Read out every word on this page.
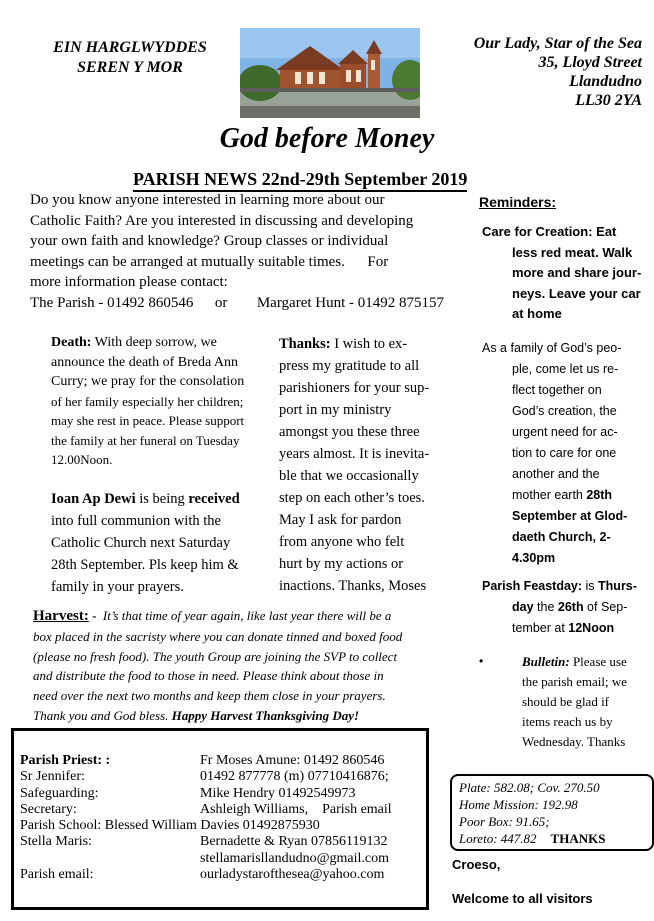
EIN HARGLWYDDES
SEREN Y MOR
Our Lady, Star of the Sea
35, Lloyd Street
Llandudno
LL30 2YA
God before Money
PARISH NEWS 22nd-29th September 2019
Do you know anyone interested in learning more about our
Catholic Faith? Are you interested in discussing and developing
your own faith and knowledge? Group classes or individual
meetings can be arranged at mutually suitable times.      For
more information please contact:
The Parish - 01492 860546 or Margaret Hunt - 01492 875157
Death: With deep sorrow, we
announce the death of Breda Ann
Curry; we pray for the consolation
of her family especially her children;
may she rest in peace. Please support
the family at her funeral on Tuesday
12.00Noon.
Ioan Ap Dewi is being received
into full communion with the
Catholic Church next Saturday
28th September. Pls keep him &
family in your prayers.
Thanks: I wish to ex-
press my gratitude to all
parishioners for your sup-
port in my ministry
amongst you these three
years almost. It is inevita-
ble that we occasionally
step on each other’s toes.
May I ask for pardon
from anyone who felt
hurt by my actions or
inactions. Thanks, Moses
Harvest: -  It’s that time of year again, like last year there will be a
box placed in the sacristy where you can donate tinned and boxed food
(please no fresh food). The youth Group are joining the SVP to collect
and distribute the food to those in need. Please think about those in
need over the next two months and keep them close in your prayers.
Thank you and God bless. Happy Harvest Thanksgiving Day!
Parish Priest: :	Fr Moses Amune: 01492 860546
Sr Jennifer:	01492 877778 (m) 07710416876;
Safeguarding:	Mike Hendry 01492549973
Secretary:	Ashleigh Williams,    Parish email
Parish School: Blessed William Davies 01492875930
Stella Maris:	Bernadette & Ryan 07856119132
stellamarisllandudno@gmail.com
Parish email:	ourladystarofthesea@yahoo.com
Reminders:
Care for Creation: Eat
less red meat. Walk
more and share jour-
neys. Leave your car
at home
As a family of God’s peo-
ple, come let us re-
flect together on
God’s creation, the
urgent need for ac-
tion to care for one
another and the
mother earth 28th
September at Glod-
daeth Church, 2-
4.30pm
Parish Feastday: is Thurs-
day the 26th of Sep-
tember at 12Noon
•	Bulletin: Please use
the parish email; we
should be glad if
items reach us by
Wednesday. Thanks
Plate: 582.08; Cov. 270.50
Home Mission: 192.98
Poor Box: 91.65;
Loreto: 447.82 THANKS
Croeso,
Welcome to all visitors
